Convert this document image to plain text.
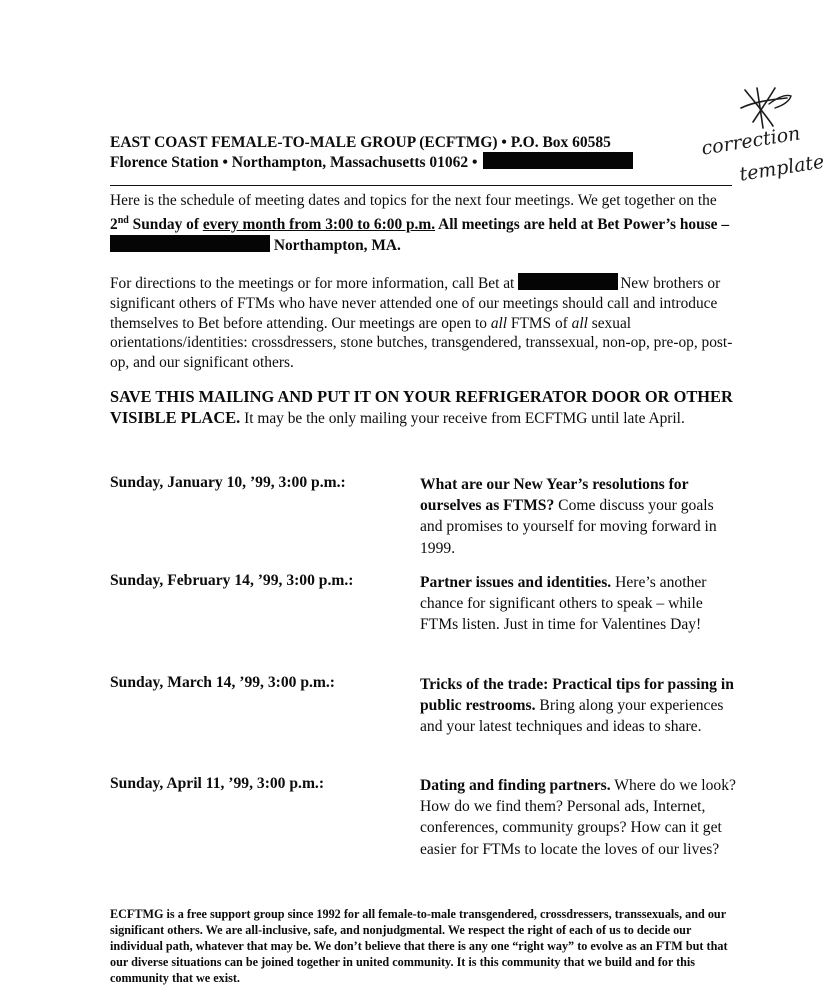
correction
template
EAST COAST FEMALE-TO-MALE GROUP (ECFTMG) • P.O. Box 60585
Florence Station • Northampton, Massachusetts 01062 •
Here is the schedule of meeting dates and topics for the next four meetings. We get together on the 2nd Sunday of every month from 3:00 to 6:00 p.m. All meetings are held at Bet Power’s house –  Northampton, MA.
For directions to the meetings or for more information, call Bet at	New brothers or significant others of FTMs who have never attended one of our meetings should call and introduce themselves to Bet before attending. Our meetings are open to all FTMS of all sexual orientations/identities: crossdressers, stone butches, transgendered, transsexual, non-op, pre-op, post-op, and our significant others.
SAVE THIS MAILING AND PUT IT ON YOUR REFRIGERATOR DOOR OR OTHER VISIBLE PLACE. It may be the only mailing your receive from ECFTMG until late April.
Sunday, January 10, ’99, 3:00 p.m.:	What are our New Year’s resolutions for ourselves as FTMS? Come discuss your goals and promises to yourself for moving forward in 1999.
Sunday, February 14, ’99, 3:00 p.m.:	Partner issues and identities. Here’s another chance for significant others to speak – while FTMs listen. Just in time for Valentines Day!
Sunday, March 14, ’99, 3:00 p.m.:	Tricks of the trade: Practical tips for passing in public restrooms. Bring along your experiences and your latest techniques and ideas to share.
Sunday, April 11, ’99, 3:00 p.m.:	Dating and finding partners. Where do we look? How do we find them? Personal ads, Internet, conferences, community groups? How can it get easier for FTMs to locate the loves of our lives?
ECFTMG is a free support group since 1992 for all female-to-male transgendered, crossdressers, transsexuals, and our significant others. We are all-inclusive, safe, and nonjudgmental. We respect the right of each of us to decide our individual path, whatever that may be. We don’t believe that there is any one “right way” to evolve as an FTM but that our diverse situations can be joined together in united community. It is this community that we build and for this community that we exist.
